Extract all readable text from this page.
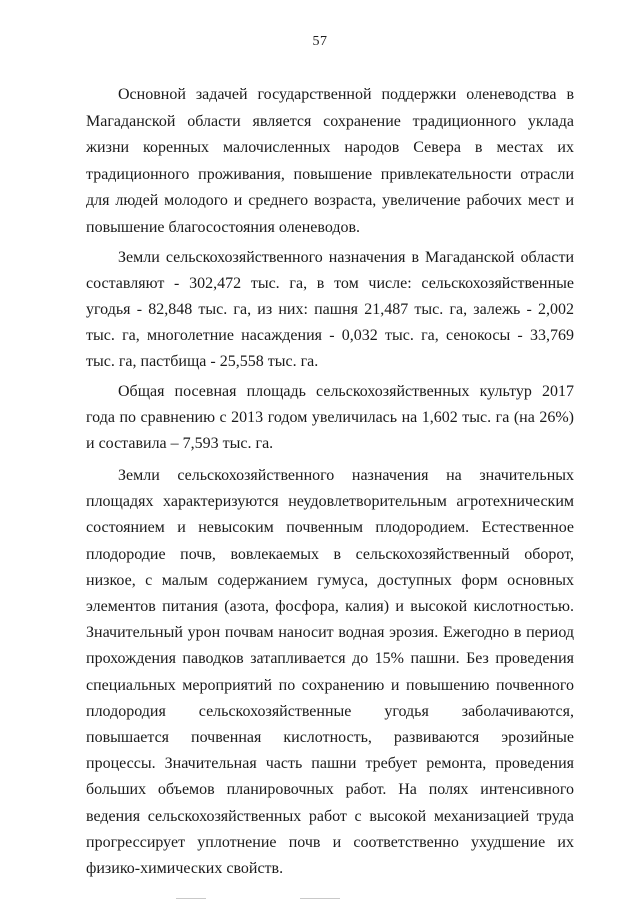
57

Основной задачей государственной поддержки оленеводства в Магаданской области является сохранение традиционного уклада жизни коренных малочисленных народов Севера в местах их традиционного проживания, повышение привлекательности отрасли для людей молодого и среднего возраста, увеличение рабочих мест и повышение благосостояния оленеводов.

Земли сельскохозяйственного назначения в Магаданской области составляют - 302,472 тыс. га, в том числе: сельскохозяйственные угодья - 82,848 тыс. га, из них: пашня 21,487 тыс. га, залежь - 2,002 тыс. га, многолетние насаждения - 0,032 тыс. га, сенокосы - 33,769 тыс. га, пастбища - 25,558 тыс. га.

Общая посевная площадь сельскохозяйственных культур 2017 года по сравнению с 2013 годом увеличилась на 1,602 тыс. га (на 26%) и составила – 7,593 тыс. га.

Земли сельскохозяйственного назначения на значительных площадях характеризуются неудовлетворительным агротехническим состоянием и невысоким почвенным плодородием. Естественное плодородие почв, вовлекаемых в сельскохозяйственный оборот, низкое, с малым содержанием гумуса, доступных форм основных элементов питания (азота, фосфора, калия) и высокой кислотностью. Значительный урон почвам наносит водная эрозия. Ежегодно в период прохождения паводков затапливается до 15% пашни. Без проведения специальных мероприятий по сохранению и повышению почвенного плодородия сельскохозяйственные угодья заболачиваются, повышается почвенная кислотность, развиваются эрозийные процессы. Значительная часть пашни требует ремонта, проведения больших объемов планировочных работ. На полях интенсивного ведения сельскохозяйственных работ с высокой механизацией труда прогрессирует уплотнение почв и соответственно ухудшение их физико-химических свойств.
